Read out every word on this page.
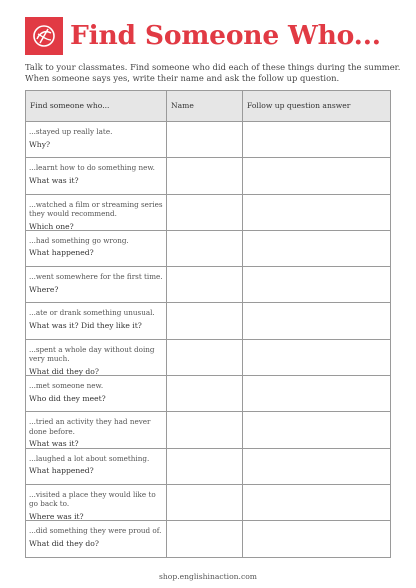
Find Someone Who...
Talk to your classmates. Find someone who did each of these things during the summer.
When someone says yes, write their name and ask the follow up question.
Find someone who...	Name	Follow up question answer
...stayed up really late.
Why?
...learnt how to do something new.
What was it?
...watched a film or streaming series they would recommend.
Which one?
...had something go wrong.
What happened?
...went somewhere for the first time.
Where?
...ate or drank something unusual.
What was it? Did they like it?
...spent a whole day without doing very much.
What did they do?
...met someone new.
Who did they meet?
...tried an activity they had never done before.
What was it?
...laughed a lot about something.
What happened?
...visited a place they would like to go back to.
Where was it?
...did something they were proud of.
What did they do?
shop.englishinaction.com
